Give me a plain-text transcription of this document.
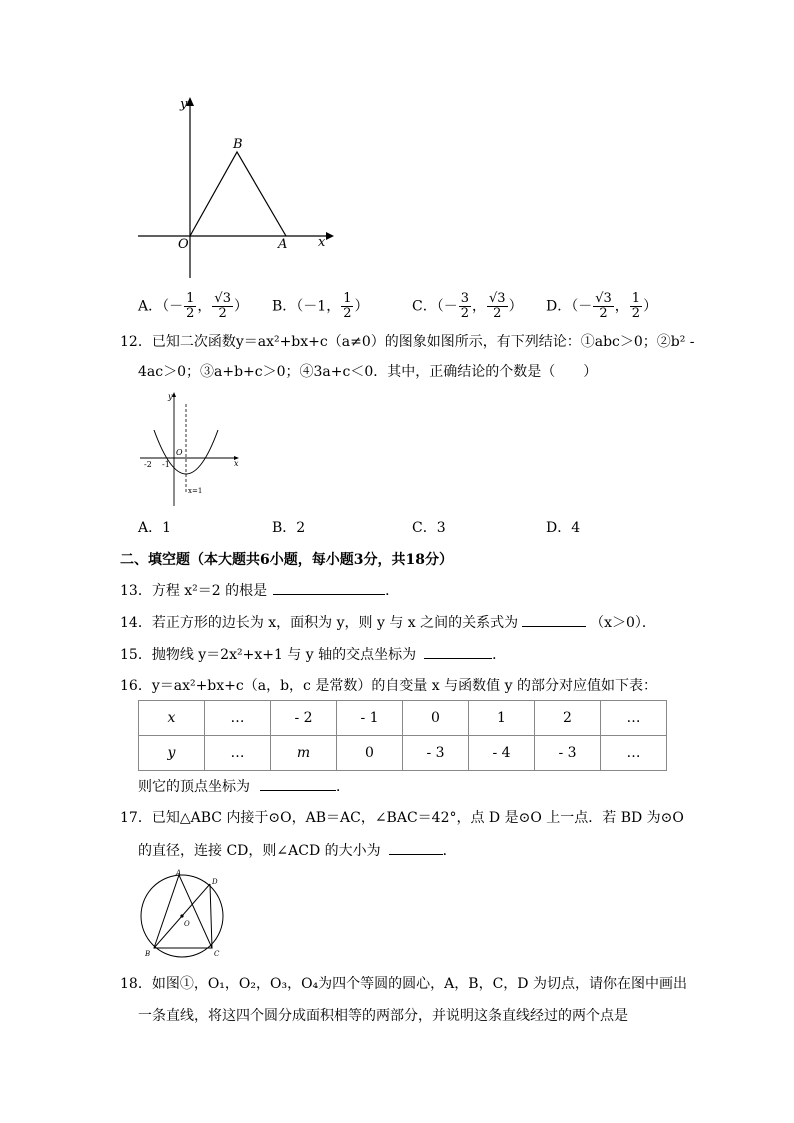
y
x
O
B
A
A．（－ $\frac{1}{2}$ ， $\frac{√3}{2}$ ） B．（－1， $\frac{1}{2}$ ）	C．（－ $\frac{3}{2}$ ， $\frac{√3}{2}$ ） D．（－ $\frac{√3}{2}$ ， $\frac{1}{2}$ ）
12．已知二次函数y＝ax²+bx+c（a≠0）的图象如图所示，有下列结论：①abc＞0；②b² -
4ac＞0；③a+b+c＞0；④3a+c＜0．其中，正确结论的个数是（　　）
y
x
O
-2 -1
x=1
A．1	B．2	C．3	D．4
二、填空题（本大题共6小题，每小题3分，共18分）
13．方程 x²＝2 的根是	．
14．若正方形的边长为 x，面积为 y，则 y 与 x 之间的关系式为	（x＞0）．
15．抛物线 y＝2x²+x+1 与 y 轴的交点坐标为	．
16．y＝ax²+bx+c（a，b，c 是常数）的自变量 x 与函数值 y 的部分对应值如下表：
x	…	- 2	- 1	0	1	2	…
y	…	m	0	- 3	- 4	- 3	…
则它的顶点坐标为	．
17．已知△ABC 内接于⊙O，AB＝AC，∠BAC＝42°，点 D 是⊙O 上一点．若 BD 为⊙O
的直径，连接 CD，则∠ACD 的大小为	．
A
D
O
B	C
18．如图①，O₁，O₂，O₃，O₄为四个等圆的圆心，A，B，C，D 为切点，请你在图中画出
一条直线，将这四个圆分成面积相等的两部分，并说明这条直线经过的两个点是
